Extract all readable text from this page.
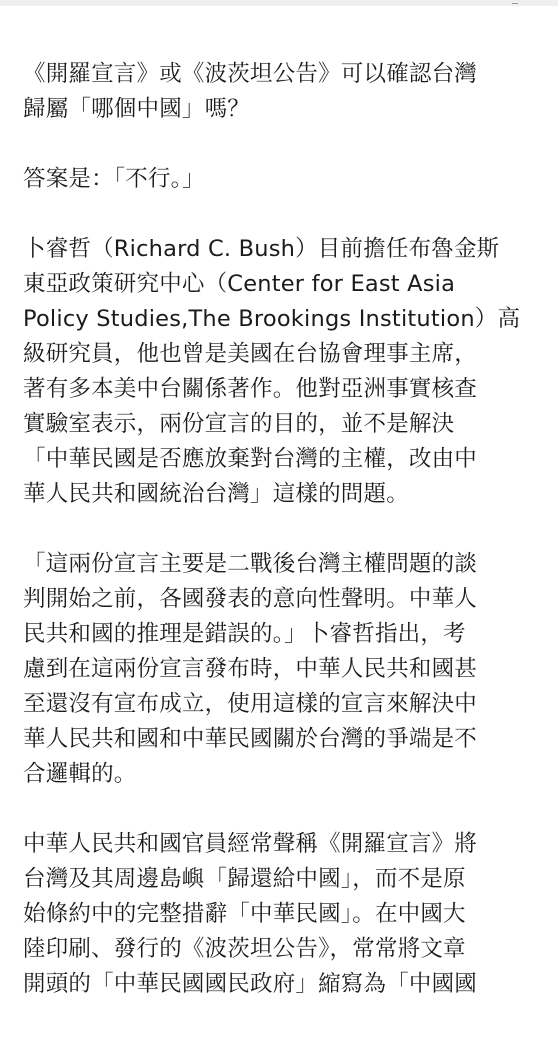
《開羅宣言》或《波茨坦公告》可以確認台灣
歸屬「哪個中國」嗎？

答案是：「不行。」

卜睿哲（Richard C. Bush）目前擔任布魯金斯
東亞政策研究中心（Center for East Asia
Policy Studies,The Brookings Institution）高
級研究員，他也曾是美國在台協會理事主席，
著有多本美中台關係著作。他對亞洲事實核查
實驗室表示，兩份宣言的目的，並不是解決
「中華民國是否應放棄對台灣的主權，改由中
華人民共和國統治台灣」這樣的問題。

「這兩份宣言主要是二戰後台灣主權問題的談
判開始之前，各國發表的意向性聲明。中華人
民共和國的推理是錯誤的。」卜睿哲指出，考
慮到在這兩份宣言發布時，中華人民共和國甚
至還沒有宣布成立，使用這樣的宣言來解決中
華人民共和國和中華民國關於台灣的爭端是不
合邏輯的。

中華人民共和國官員經常聲稱《開羅宣言》將
台灣及其周邊島嶼「歸還給中國」，而不是原
始條約中的完整措辭「中華民國」。在中國大
陸印刷、發行的《波茨坦公告》，常常將文章
開頭的「中華民國國民政府」縮寫為「中國國
